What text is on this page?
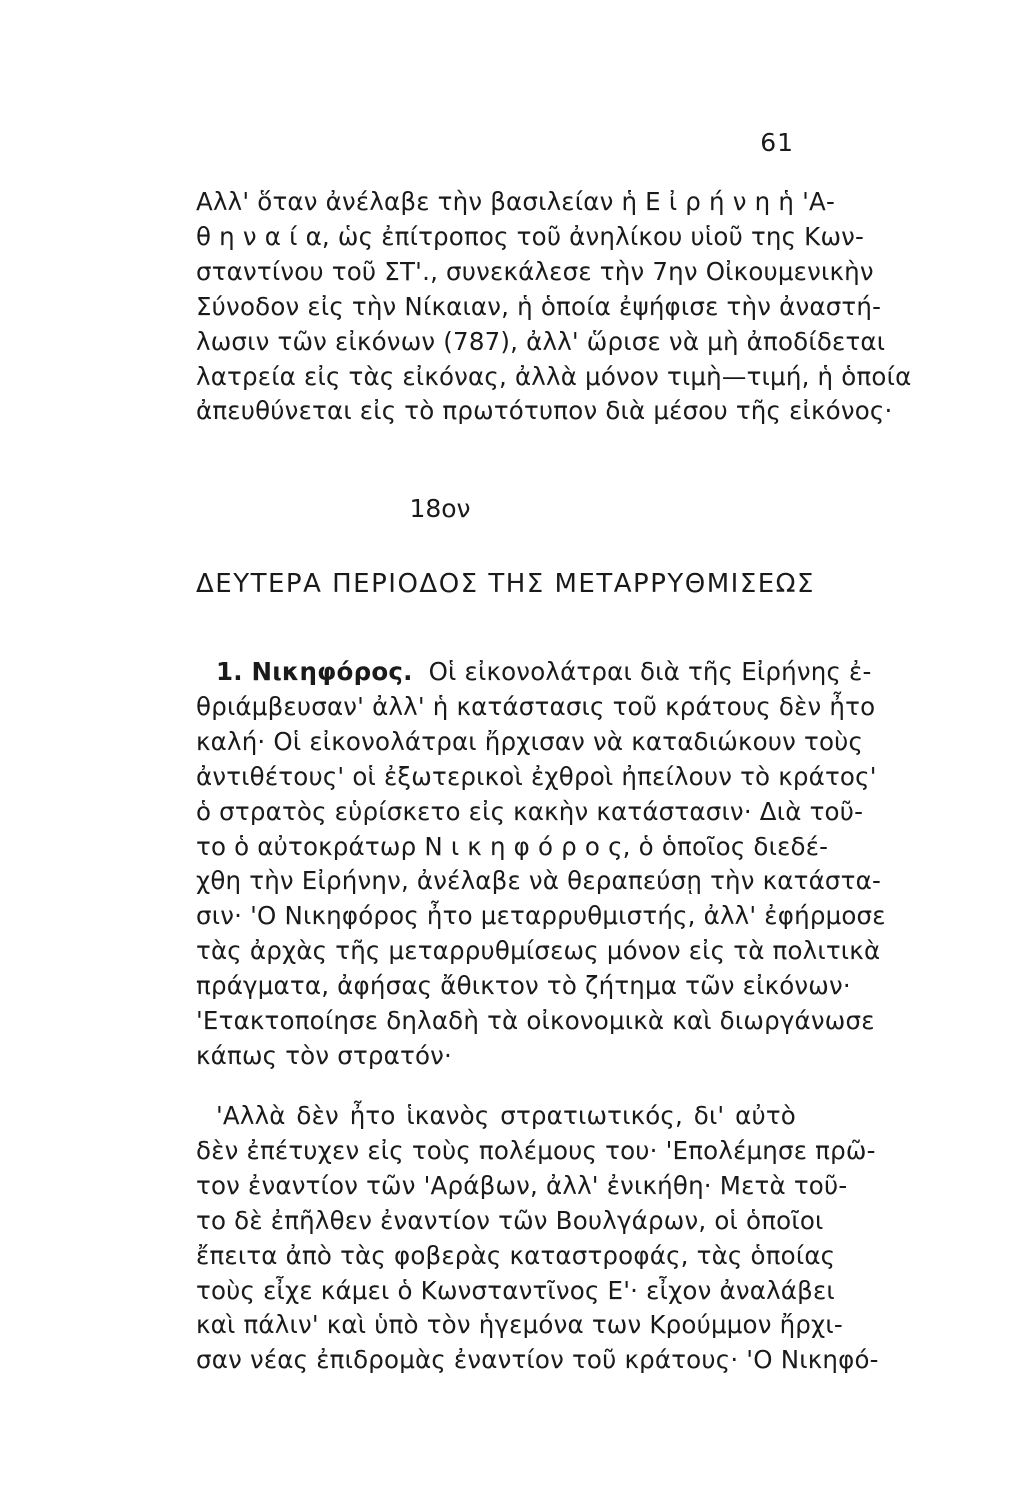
61
Αλλ' ὅταν ἀνέλαβε τὴν βασιλείαν ἡ Ε ἰ ρ ή ν η ἡ 'Α-
θ η ν α ί α, ὡς ἐπίτροπος τοῦ ἀνηλίκου υἱοῦ της Κων-
σταντίνου τοῦ ΣΤ'., συνεκάλεσε τὴν 7ην Οἰκουμενικὴν
Σύνοδον εἰς τὴν Νίκαιαν, ἡ ὁποία ἐψήφισε τὴν ἀναστή-
λωσιν τῶν εἰκόνων (787), ἀλλ' ὥρισε νὰ μὴ ἀποδίδεται
λατρεία εἰς τὰς εἰκόνας, ἀλλὰ μόνον τιμὴ—τιμή, ἡ ὁποία
ἀπευθύνεται εἰς τὸ πρωτότυπον διὰ μέσου τῆς εἰκόνος·
18ον
ΔΕΥΤΕΡΑ ΠΕΡΙΟΔΟΣ ΤΗΣ ΜΕΤΑΡΡΥΘΜΙΣΕΩΣ
1. Νικηφόρος. Οἱ εἰκονολάτραι διὰ τῆς Εἰρήνης ἐ-
θριάμβευσαν' ἀλλ' ἡ κατάστασις τοῦ κράτους δὲν ἦτο
καλή· Οἱ εἰκονολάτραι ἤρχισαν νὰ καταδιώκουν τοὺς
ἀντιθέτους' οἱ ἐξωτερικοὶ ἐχθροὶ ἠπείλουν τὸ κράτος'
ὁ στρατὸς εὑρίσκετο εἰς κακὴν κατάστασιν· Διὰ τοῦ-
το ὁ αὐτοκράτωρ Ν ι κ η φ ό ρ ο ς, ὁ ὁποῖος διεδέ-
χθη τὴν Εἰρήνην, ἀνέλαβε νὰ θεραπεύσῃ τὴν κατάστα-
σιν· 'Ο Νικηφόρος ἦτο μεταρρυθμιστής, ἀλλ' ἐφήρμοσε
τὰς ἀρχὰς τῆς μεταρρυθμίσεως μόνον εἰς τὰ πολιτικὰ
πράγματα, ἀφήσας ἄθικτον τὸ ζήτημα τῶν εἰκόνων·
'Ετακτοποίησε δηλαδὴ τὰ οἰκονομικὰ καὶ διωργάνωσε
κάπως τὸν στρατόν·
'Αλλὰ δὲν ἦτο ἱκανὸς στρατιωτικός, δι' αὐτὸ
δὲν ἐπέτυχεν εἰς τοὺς πολέμους του· 'Επολέμησε πρῶ-
τον ἐναντίον τῶν 'Αράβων, ἀλλ' ἐνικήθη· Μετὰ τοῦ-
το δὲ ἐπῆλθεν ἐναντίον τῶν Βουλγάρων, οἱ ὁποῖοι
ἔπειτα ἀπὸ τὰς φοβερὰς καταστροφάς, τὰς ὁποίας
τοὺς εἶχε κάμει ὁ Κωνσταντῖνος Ε'· εἶχον ἀναλάβει
καὶ πάλιν' καὶ ὑπὸ τὸν ἡγεμόνα των Κρούμμον ἤρχι-
σαν νέας ἐπιδρομὰς ἐναντίον τοῦ κράτους· 'Ο Νικηφό-
